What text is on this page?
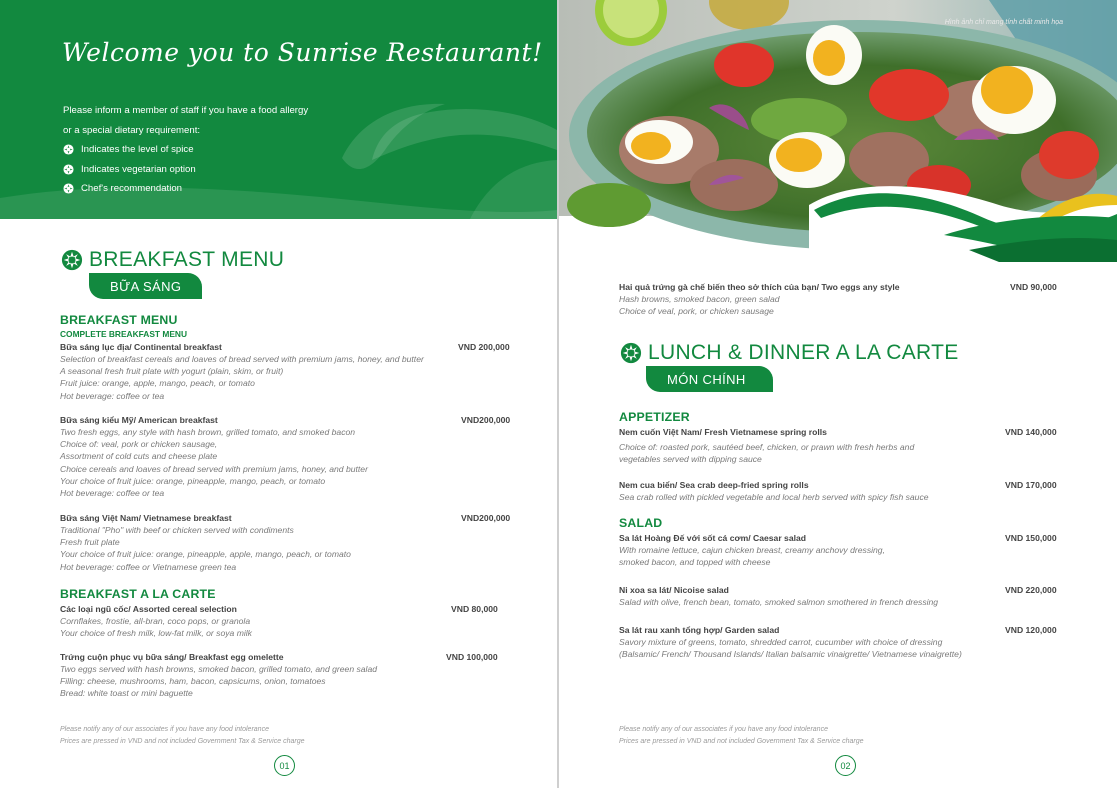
Welcome you to Sunrise Restaurant!
Please inform a member of staff if you have a food allergy
or a special dietary requirement:
Indicates the level of spice
Indicates vegetarian option
Chef's recommendation
BREAKFAST MENU
BỮA SÁNG
BREAKFAST MENU
COMPLETE BREAKFAST MENU
Bữa sáng lục địa/ Continental breakfast
Selection of breakfast cereals and loaves of bread served with premium jams, honey, and butter
A seasonal fresh fruit plate with yogurt (plain, skim, or fruit)
Fruit juice: orange, apple, mango, peach, or tomato
Hot beverage: coffee or tea
VND 200,000
Bữa sáng kiểu Mỹ/ American breakfast
Two fresh eggs, any style with hash brown, grilled tomato, and smoked bacon
Choice of: veal, pork or chicken sausage,
Assortment of cold cuts and cheese plate
Choice cereals and loaves of bread served with premium jams, honey, and butter
Your choice of fruit juice: orange, pineapple, mango, peach, or tomato
Hot beverage: coffee or tea
VND200,000
Bữa sáng Việt Nam/ Vietnamese breakfast
Traditional "Pho" with beef or chicken served with condiments
Fresh fruit plate
Your choice of fruit juice: orange, pineapple, apple, mango, peach, or tomato
Hot beverage: coffee or Vietnamese green tea
VND200,000
BREAKFAST A LA CARTE
Các loại ngũ cốc/ Assorted cereal selection
Cornflakes, frostie, all-bran, coco pops, or granola
Your choice of fresh milk, low-fat milk, or soya milk
VND 80,000
Trứng cuộn phục vụ bữa sáng/ Breakfast egg omelette
Two eggs served with hash browns, smoked bacon, grilled tomato, and green salad
Filling: cheese, mushrooms, ham, bacon, capsicums, onion, tomatoes
Bread: white toast or mini baguette
VND 100,000
Please notify any of our associates if you have any food intolerance
Prices are pressed in VND and not included Government Tax & Service charge
01
Hình ảnh chỉ mang tính chất minh họa
Hai quả trứng gà chế biến theo sở thích của bạn/ Two eggs any style
Hash browns, smoked bacon, green salad
Choice of veal, pork, or chicken sausage
VND 90,000
LUNCH & DINNER A LA CARTE
MÓN CHÍNH
APPETIZER
Nem cuốn Việt Nam/ Fresh Vietnamese spring rolls
Choice of: roasted pork, sautéed beef, chicken, or prawn with fresh herbs and
vegetables served with dipping sauce
VND 140,000
Nem cua biển/ Sea crab deep-fried spring rolls
Sea crab rolled with pickled vegetable and local herb served with spicy fish sauce
VND 170,000
SALAD
Sa lát Hoàng Đế với sốt cá cơm/ Caesar salad
With romaine lettuce, cajun chicken breast, creamy anchovy dressing,
smoked bacon, and topped with cheese
VND 150,000
Ni xoa sa lát/ Nicoise salad
Salad with olive, french bean, tomato, smoked salmon smothered in french dressing
VND 220,000
Sa lát rau xanh tổng hợp/ Garden salad
Savory mixture of greens, tomato, shredded carrot, cucumber with choice of dressing
(Balsamic/ French/ Thousand Islands/ Italian balsamic vinaigrette/ Vietnamese vinaigrette)
VND 120,000
Please notify any of our associates if you have any food intolerance
Prices are pressed in VND and not included Government Tax & Service charge
02
